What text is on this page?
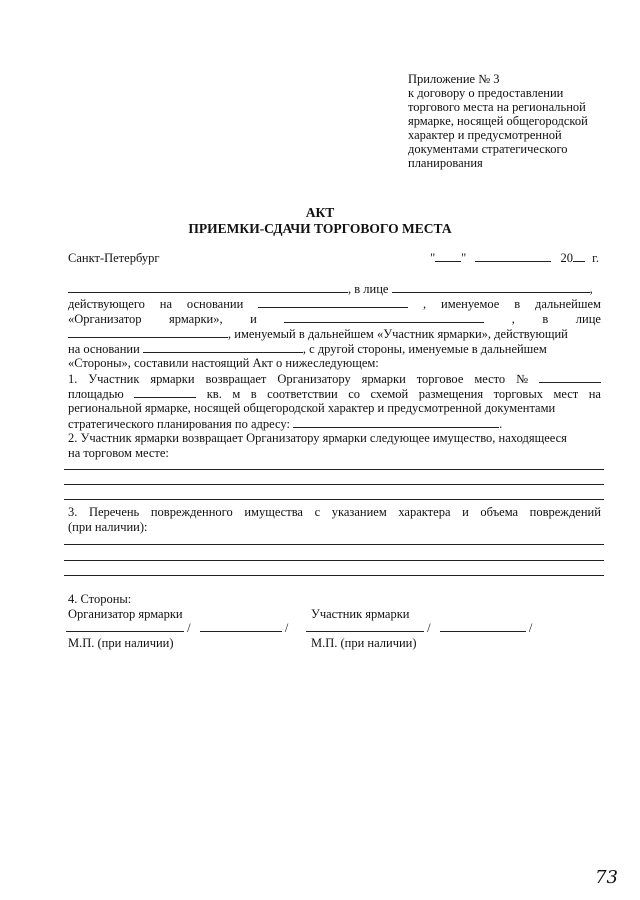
Приложение № 3
к договору о предоставлении
торгового места на региональной
ярмарке, носящей общегородской
характер и предусмотренной
документами стратегического
планирования
АКТ
ПРИЕМКИ-СДАЧИ ТОРГОВОГО МЕСТА
Санкт-Петербург	" "	20 г.
, в лице	,
действующего на основании	, именуемое в дальнейшем
«Организатор ярмарки», и	, в лице
, именуемый в дальнейшем «Участник ярмарки», действующий
на основании	, с другой стороны, именуемые в дальнейшем
«Стороны», составили настоящий Акт о нижеследующем:
1. Участник ярмарки возвращает Организатору ярмарки торговое место №
площадью	кв. м в соответствии со схемой размещения торговых мест на
региональной ярмарке, носящей общегородской характер и предусмотренной документами
стратегического планирования по адресу:	.
2. Участник ярмарки возвращает Организатору ярмарки следующее имущество, находящееся
на торговом месте:
3. Перечень поврежденного имущества с указанием характера и объема повреждений
(при наличии):
4. Стороны:
Организатор ярмарки	Участник ярмарки
/	/	/	/
М.П. (при наличии)	М.П. (при наличии)
73
